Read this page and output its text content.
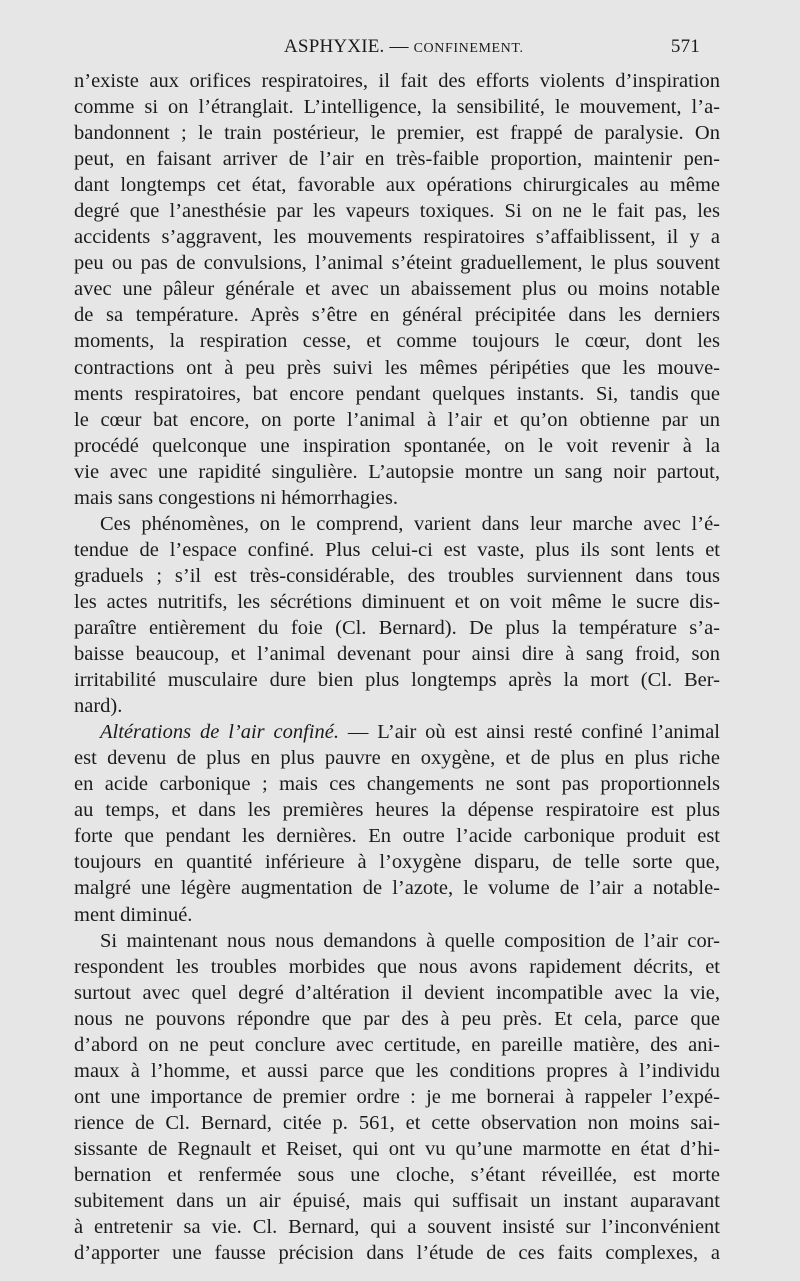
ASPHYXIE. — CONFINEMENT.	571
n’existe aux orifices respiratoires, il fait des efforts violents d’inspiration
comme si on l’étranglait. L’intelligence, la sensibilité, le mouvement, l’a-
bandonnent ; le train postérieur, le premier, est frappé de paralysie. On
peut, en faisant arriver de l’air en très-faible proportion, maintenir pen-
dant longtemps cet état, favorable aux opérations chirurgicales au même
degré que l’anesthésie par les vapeurs toxiques. Si on ne le fait pas, les
accidents s’aggravent, les mouvements respiratoires s’affaiblissent, il y a
peu ou pas de convulsions, l’animal s’éteint graduellement, le plus souvent
avec une pâleur générale et avec un abaissement plus ou moins notable
de sa température. Après s’être en général précipitée dans les derniers
moments, la respiration cesse, et comme toujours le cœur, dont les
contractions ont à peu près suivi les mêmes péripéties que les mouve-
ments respiratoires, bat encore pendant quelques instants. Si, tandis que
le cœur bat encore, on porte l’animal à l’air et qu’on obtienne par un
procédé quelconque une inspiration spontanée, on le voit revenir à la
vie avec une rapidité singulière. L’autopsie montre un sang noir partout,
mais sans congestions ni hémorrhagies.
Ces phénomènes, on le comprend, varient dans leur marche avec l’é-
tendue de l’espace confiné. Plus celui-ci est vaste, plus ils sont lents et
graduels ; s’il est très-considérable, des troubles surviennent dans tous
les actes nutritifs, les sécrétions diminuent et on voit même le sucre dis-
paraître entièrement du foie (Cl. Bernard). De plus la température s’a-
baisse beaucoup, et l’animal devenant pour ainsi dire à sang froid, son
irritabilité musculaire dure bien plus longtemps après la mort (Cl. Ber-
nard).
Altérations de l’air confiné. — L’air où est ainsi resté confiné l’animal
est devenu de plus en plus pauvre en oxygène, et de plus en plus riche
en acide carbonique ; mais ces changements ne sont pas proportionnels
au temps, et dans les premières heures la dépense respiratoire est plus
forte que pendant les dernières. En outre l’acide carbonique produit est
toujours en quantité inférieure à l’oxygène disparu, de telle sorte que,
malgré une légère augmentation de l’azote, le volume de l’air a notable-
ment diminué.
Si maintenant nous nous demandons à quelle composition de l’air cor-
respondent les troubles morbides que nous avons rapidement décrits, et
surtout avec quel degré d’altération il devient incompatible avec la vie,
nous ne pouvons répondre que par des à peu près. Et cela, parce que
d’abord on ne peut conclure avec certitude, en pareille matière, des ani-
maux à l’homme, et aussi parce que les conditions propres à l’individu
ont une importance de premier ordre : je me bornerai à rappeler l’expé-
rience de Cl. Bernard, citée p. 561, et cette observation non moins sai-
sissante de Regnault et Reiset, qui ont vu qu’une marmotte en état d’hi-
bernation et renfermée sous une cloche, s’étant réveillée, est morte
subitement dans un air épuisé, mais qui suffisait un instant auparavant
à entretenir sa vie. Cl. Bernard, qui a souvent insisté sur l’inconvénient
d’apporter une fausse précision dans l’étude de ces faits complexes, a
